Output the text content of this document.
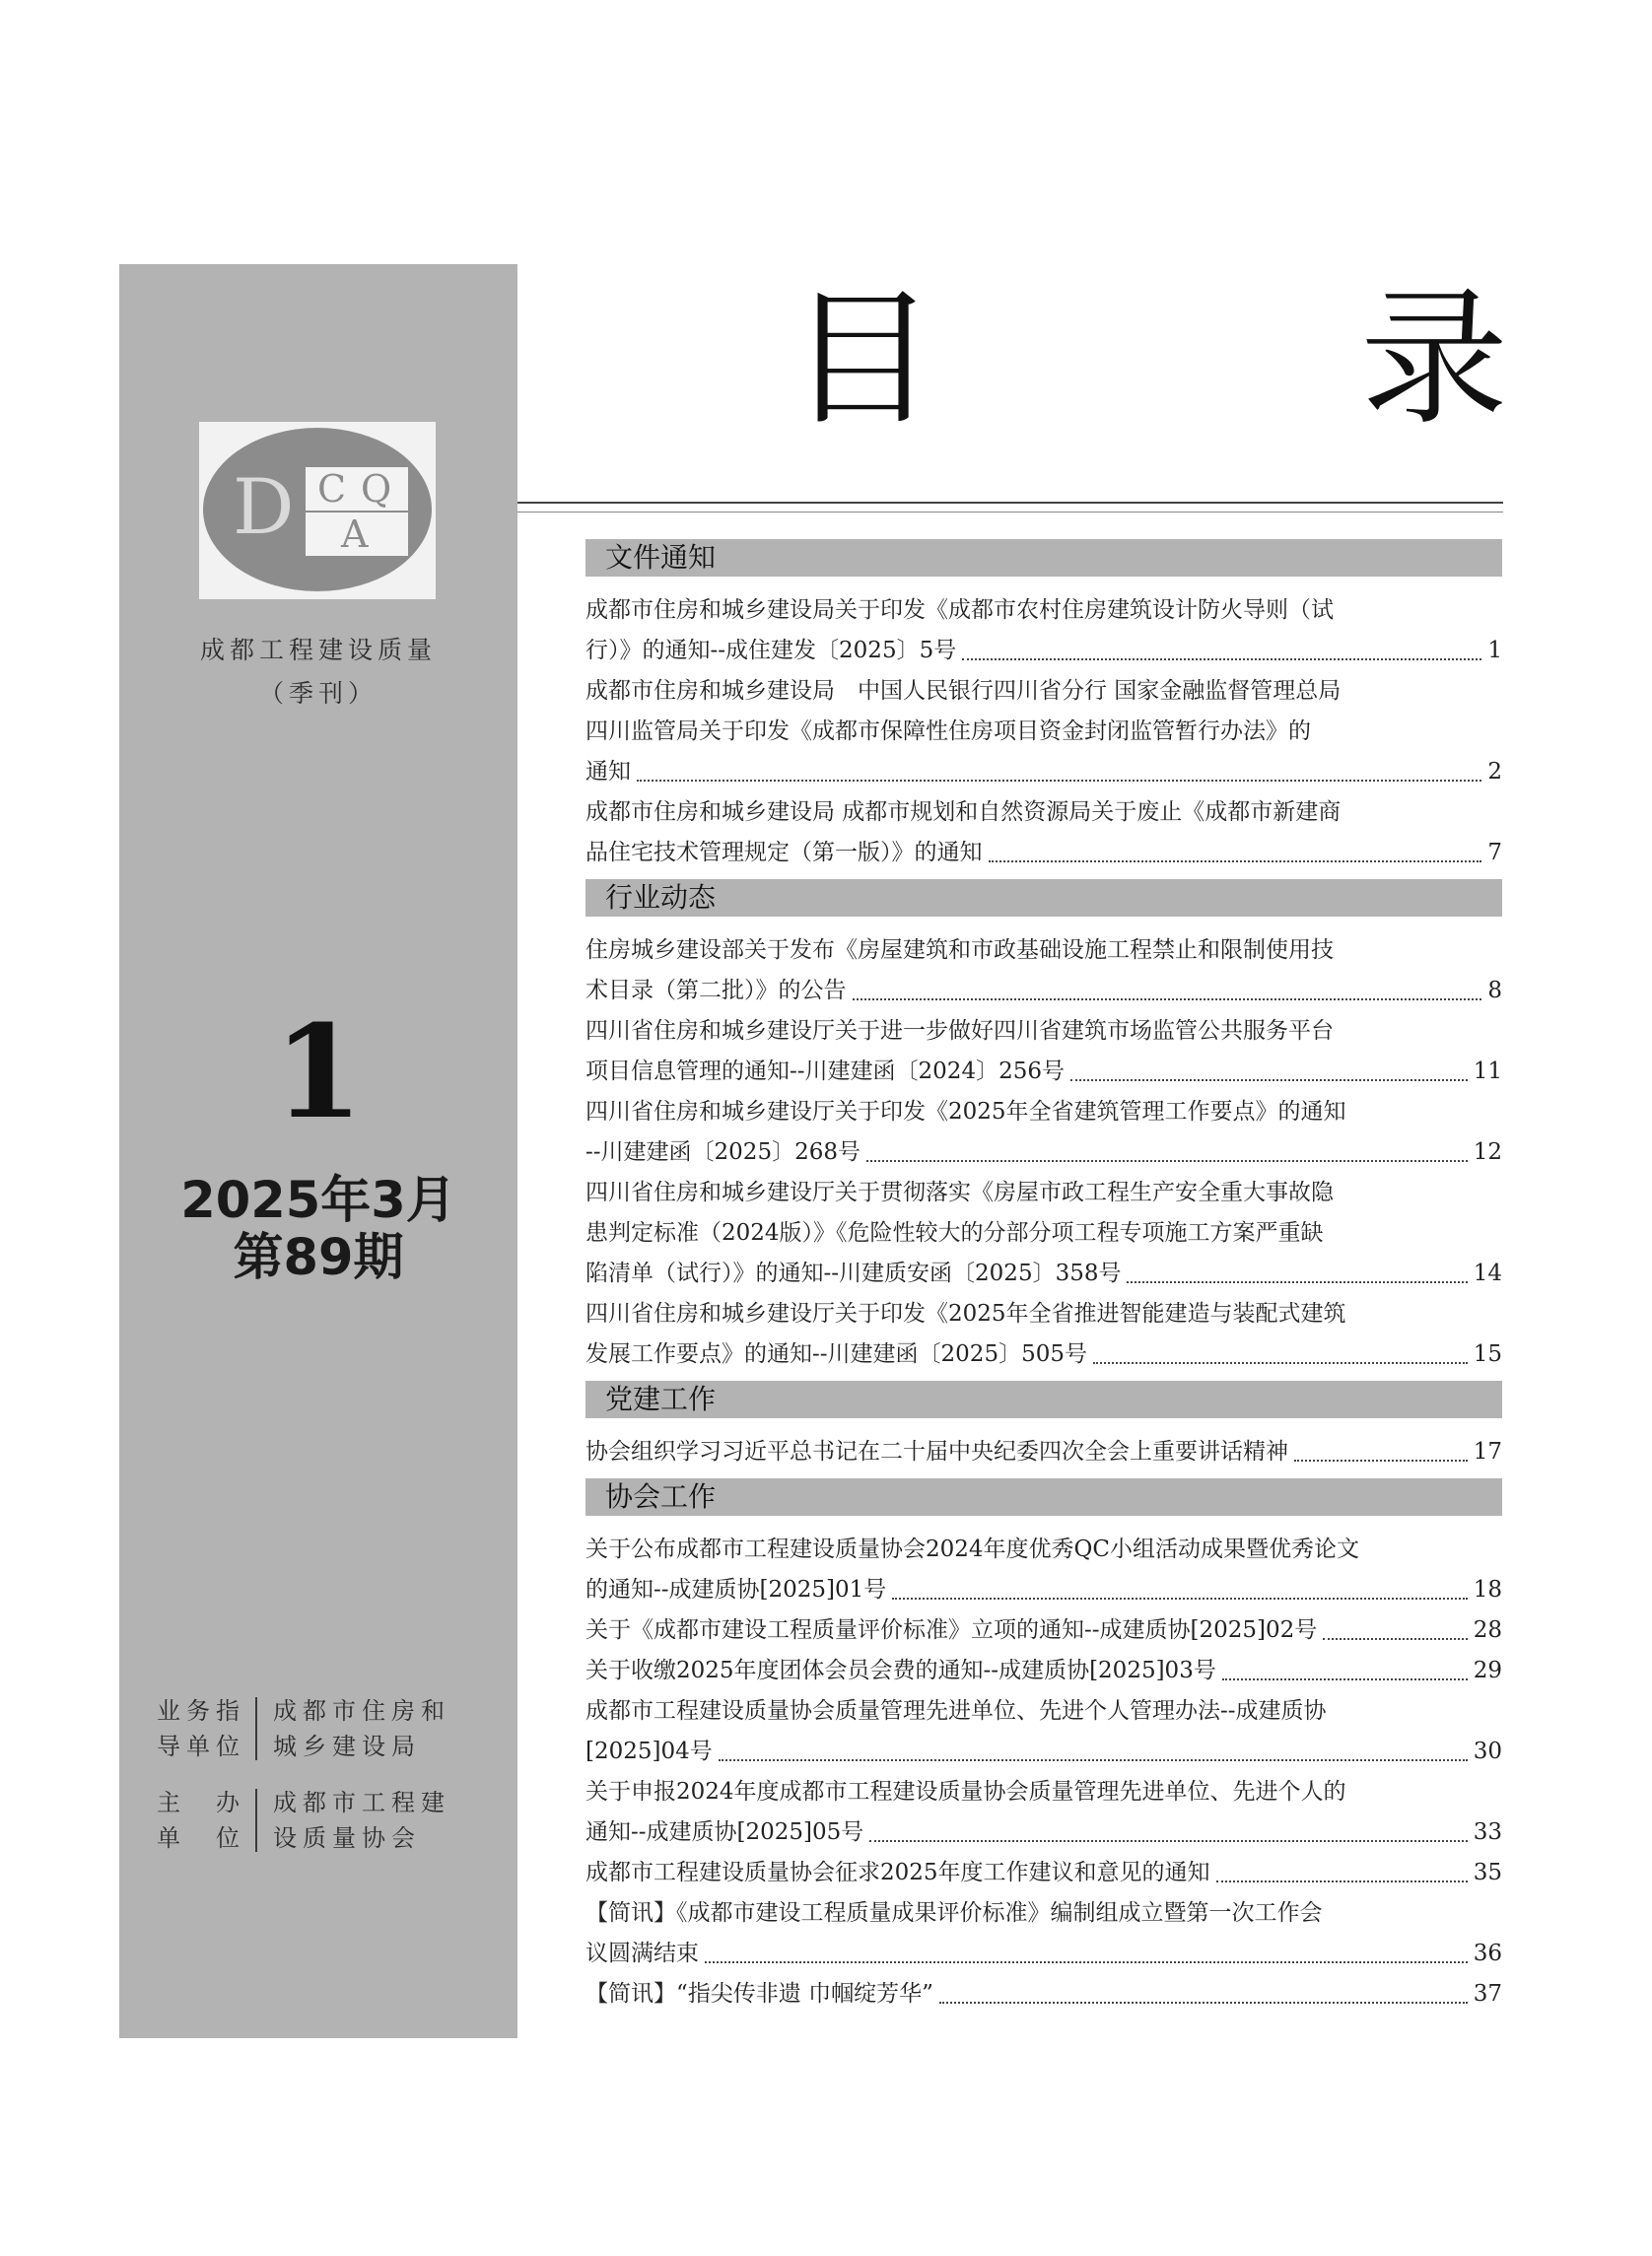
D C Q
A
成都工程建设质量
（季刊）
1
2025年3月
第89期
业务指
导单位
成都市住房和
城乡建设局
主　办
单　位
成都市工程建
设质量协会
目　录
文件通知
成都市住房和城乡建设局关于印发《成都市农村住房建筑设计防火导则（试
行）》的通知--成住建发〔2025〕5号	1
成都市住房和城乡建设局　中国人民银行四川省分行 国家金融监督管理总局
四川监管局关于印发《成都市保障性住房项目资金封闭监管暂行办法》的
通知	2
成都市住房和城乡建设局 成都市规划和自然资源局关于废止《成都市新建商
品住宅技术管理规定（第一版）》的通知	7
行业动态
住房城乡建设部关于发布《房屋建筑和市政基础设施工程禁止和限制使用技
术目录（第二批）》的公告	8
四川省住房和城乡建设厅关于进一步做好四川省建筑市场监管公共服务平台
项目信息管理的通知--川建建函〔2024〕256号	11
四川省住房和城乡建设厅关于印发《2025年全省建筑管理工作要点》的通知
--川建建函〔2025〕268号	12
四川省住房和城乡建设厅关于贯彻落实《房屋市政工程生产安全重大事故隐
患判定标准（2024版）》《危险性较大的分部分项工程专项施工方案严重缺
陷清单（试行）》的通知--川建质安函〔2025〕358号	14
四川省住房和城乡建设厅关于印发《2025年全省推进智能建造与装配式建筑
发展工作要点》的通知--川建建函〔2025〕505号	15
党建工作
协会组织学习习近平总书记在二十届中央纪委四次全会上重要讲话精神	17
协会工作
关于公布成都市工程建设质量协会2024年度优秀QC小组活动成果暨优秀论文
的通知--成建质协[2025]01号	18
关于《成都市建设工程质量评价标准》立项的通知--成建质协[2025]02号	28
关于收缴2025年度团体会员会费的通知--成建质协[2025]03号	29
成都市工程建设质量协会质量管理先进单位、先进个人管理办法--成建质协
[2025]04号	30
关于申报2024年度成都市工程建设质量协会质量管理先进单位、先进个人的
通知--成建质协[2025]05号	33
成都市工程建设质量协会征求2025年度工作建议和意见的通知	35
【简讯】《成都市建设工程质量成果评价标准》编制组成立暨第一次工作会
议圆满结束	36
【简讯】“指尖传非遗 巾帼绽芳华”	37
